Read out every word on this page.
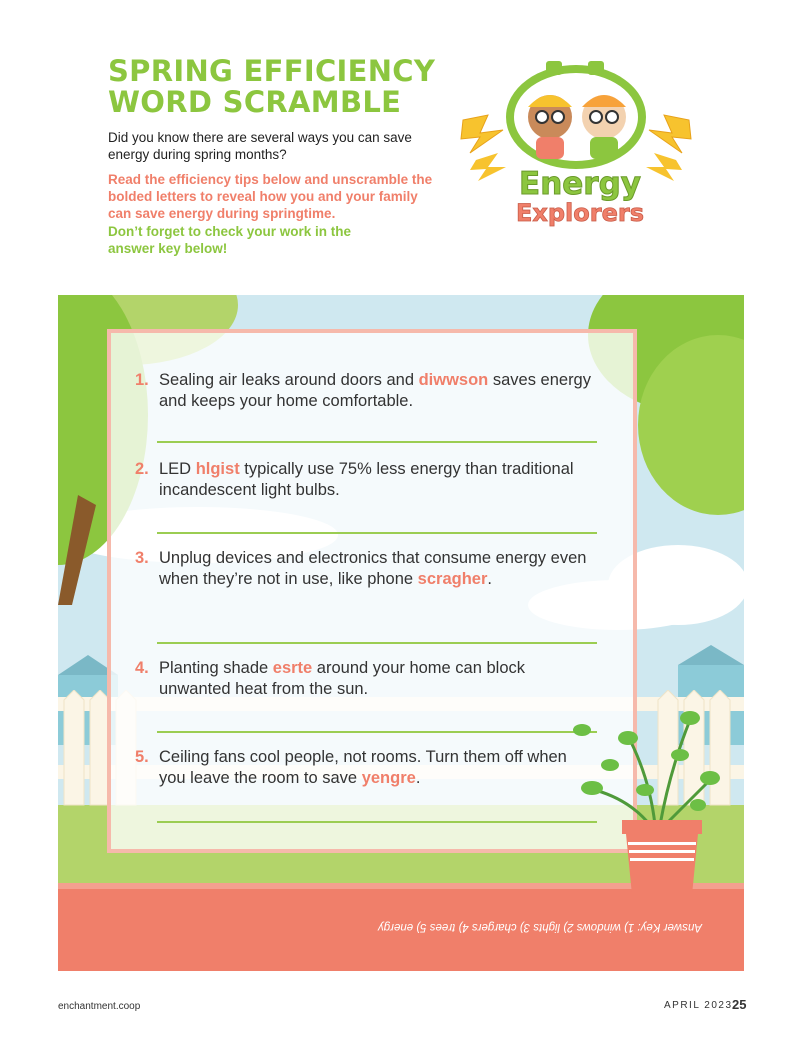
SPRING EFFICIENCY
WORD SCRAMBLE
Did you know there are several ways you can save energy during spring months?
Read the efficiency tips below and unscramble the bolded letters to reveal how you and your family can save energy during springtime.
Don’t forget to check your work in the answer key below!
Energy
Explorers
1. Sealing air leaks around doors and diwwson saves energy and keeps your home comfortable.
2. LED hlgist typically use 75% less energy than traditional incandescent light bulbs.
3. Unplug devices and electronics that consume energy even when they’re not in use, like phone scragher.
4. Planting shade esrte around your home can block unwanted heat from the sun.
5. Ceiling fans cool people, not rooms. Turn them off when you leave the room to save yengre.
Answer Key: 1) windows 2) lights 3) chargers 4) trees 5) energy
enchantment.coop	APRIL 2023 25
